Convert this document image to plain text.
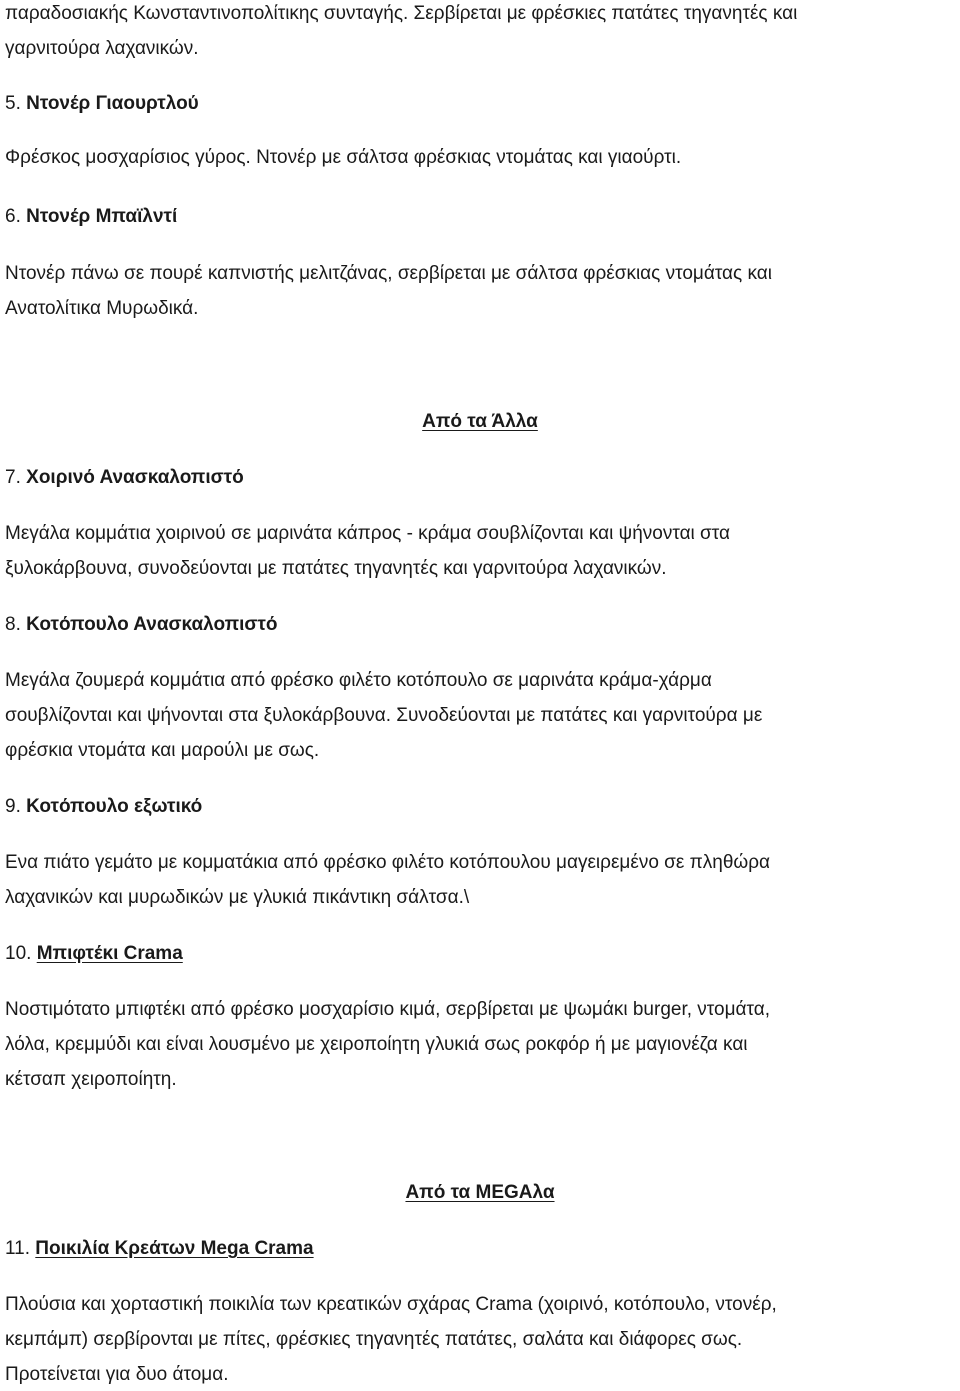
παραδοσιακής Κωνσταντινοπολίτικης συνταγής. Σερβίρεται με φρέσκιες πατάτες τηγανητές και
γαρνιτούρα λαχανικών.
5. Ντονέρ Γιαουρτλού
Φρέσκος μοσχαρίσιος γύρος. Ντονέρ με σάλτσα φρέσκιας ντομάτας και γιαούρτι.
6. Ντονέρ Μπαϊλντί
Ντονέρ πάνω σε πουρέ καπνιστής μελιτζάνας, σερβίρεται με σάλτσα φρέσκιας ντομάτας και
Ανατολίτικα Μυρωδικά.
Από τα Άλλα
7. Χοιρινό Ανασκαλοπιστό
Μεγάλα κομμάτια χοιρινού σε μαρινάτα κάπρος - κράμα σουβλίζονται και ψήνονται στα
ξυλοκάρβουνα, συνοδεύονται με πατάτες τηγανητές και γαρνιτούρα λαχανικών.
8. Κοτόπουλο Ανασκαλοπιστό
Μεγάλα ζουμερά κομμάτια από φρέσκο φιλέτο κοτόπουλο σε μαρινάτα κράμα-χάρμα
σουβλίζονται και ψήνονται στα ξυλοκάρβουνα. Συνοδεύονται με πατάτες και γαρνιτούρα με
φρέσκια ντομάτα και μαρούλι με σως.
9. Κοτόπουλο εξωτικό
Ενα πιάτο γεμάτο με κομματάκια από φρέσκο φιλέτο κοτόπουλου μαγειρεμένο σε πληθώρα
λαχανικών και μυρωδικών με γλυκιά πικάντικη σάλτσα.\
10. Μπιφτέκι Crama
Νοστιμότατο μπιφτέκι από φρέσκο μοσχαρίσιο κιμά, σερβίρεται με ψωμάκι burger, ντομάτα,
λόλα, κρεμμύδι και είναι λουσμένο με χειροποίητη γλυκιά σως ροκφόρ ή με μαγιονέζα και
κέτσαπ χειροποίητη.
Από τα MEGAλα
11. Ποικιλία Κρεάτων Mega Crama
Πλούσια και χορταστική ποικιλία των κρεατικών σχάρας Crama (χοιρινό, κοτόπουλο, ντονέρ,
κεμπάμπ) σερβίρονται με πίτες, φρέσκιες τηγανητές πατάτες, σαλάτα και διάφορες σως.
Προτείνεται για δυο άτομα.
